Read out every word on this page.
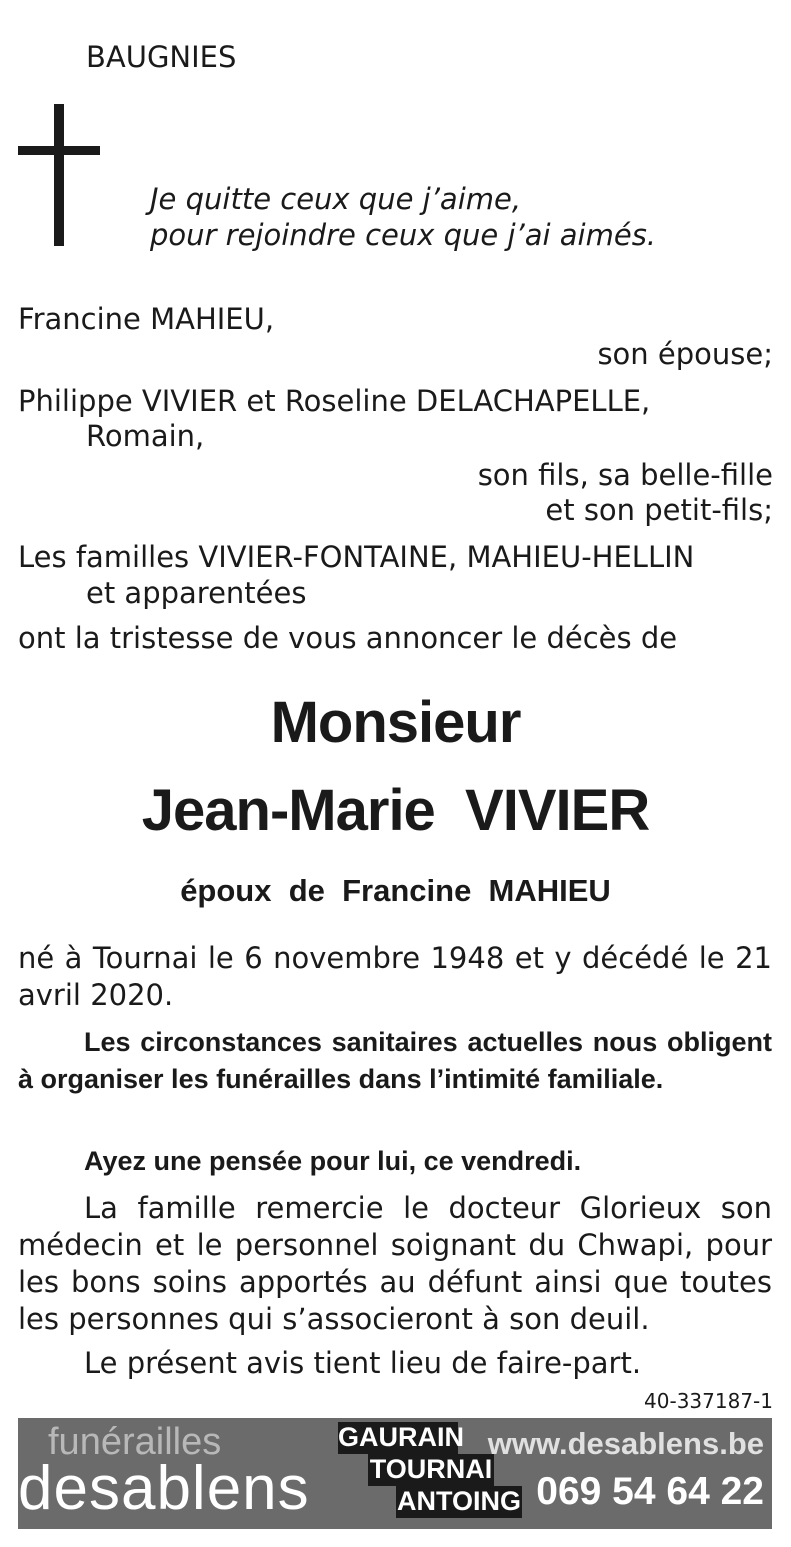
BAUGNIES
Je quitte ceux que j’aime,
pour rejoindre ceux que j’ai aimés.
Francine MAHIEU,
son épouse;
Philippe VIVIER et Roseline DELACHAPELLE,
Romain,
son fils, sa belle-fille
et son petit-fils;
Les familles VIVIER-FONTAINE, MAHIEU-HELLIN
et apparentées
ont la tristesse de vous annoncer le décès de
Monsieur
Jean-Marie  VIVIER
époux  de  Francine  MAHIEU
né à Tournai le 6 novembre 1948 et y décédé le 21 avril 2020.
Les circonstances sanitaires actuelles nous obligent à organiser les funérailles dans l’intimité familiale.
Ayez une pensée pour lui, ce vendredi.
La famille remercie le docteur Glorieux son médecin et le personnel soignant du Chwapi, pour les bons soins apportés au défunt ainsi que toutes les personnes qui s’associeront à son deuil.
Le présent avis tient lieu de faire-part.
40-337187-1
funérailles
desablens
GAURAIN
TOURNAI
ANTOING
www.desablens.be
069 54 64 22
